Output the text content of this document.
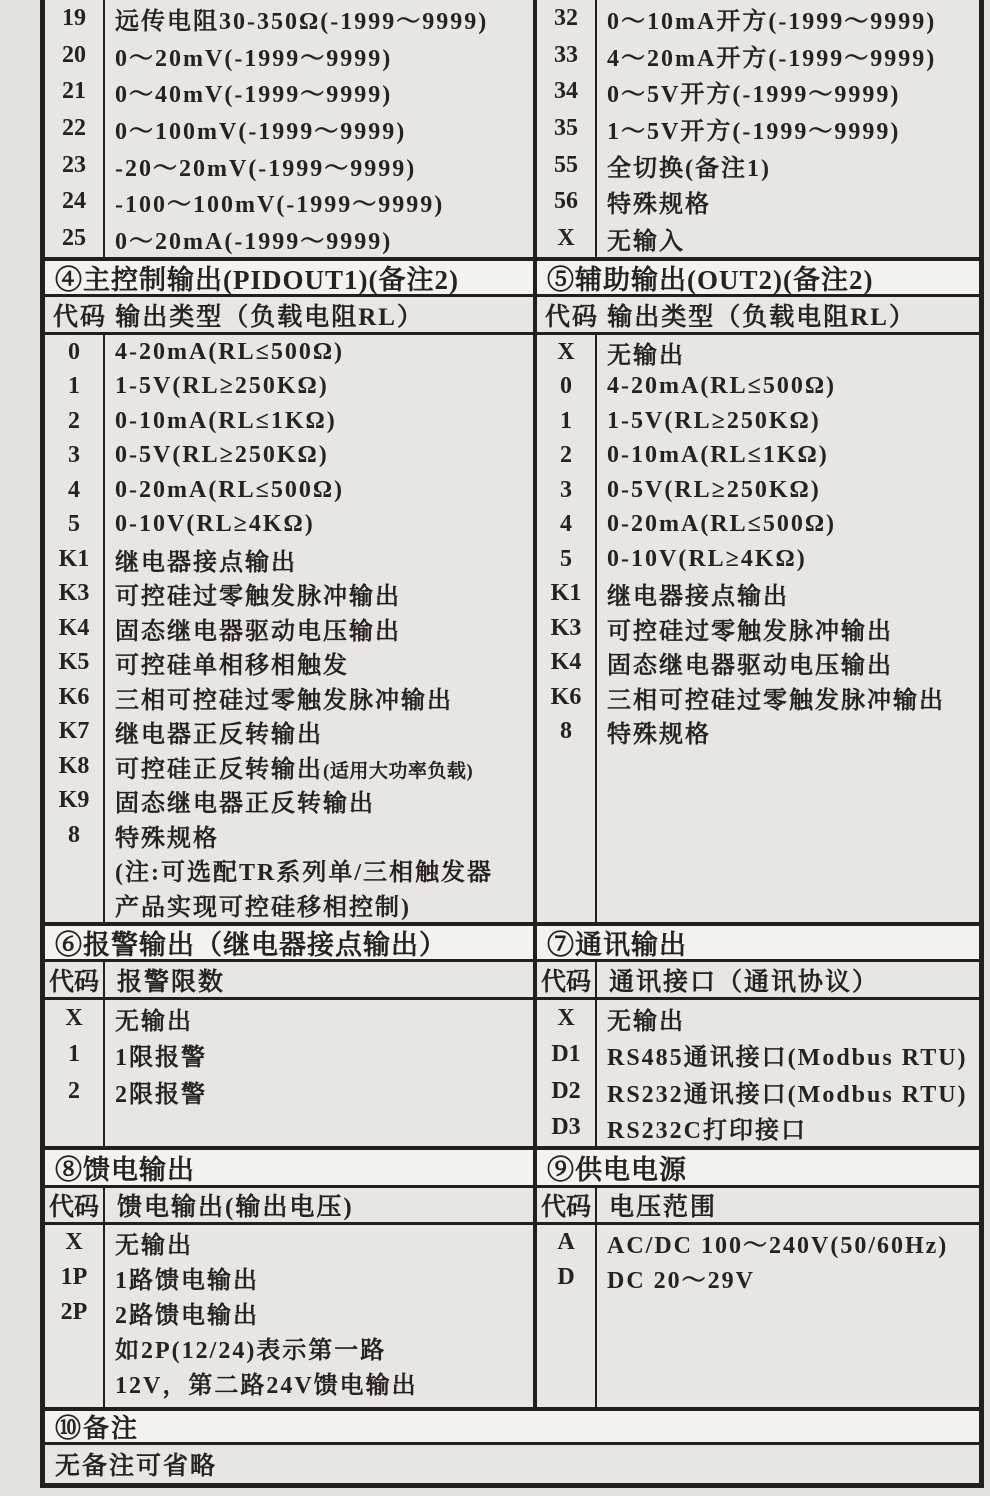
19	远传电阻30-350Ω(-1999～9999)
20	0～20mV(-1999～9999)
21	0～40mV(-1999～9999)
22	0～100mV(-1999～9999)
23	-20～20mV(-1999～9999)
24	-100～100mV(-1999～9999)
25	0～20mA(-1999～9999)
32	0～10mA开方(-1999～9999)
33	4～20mA开方(-1999～9999)
34	0～5V开方(-1999～9999)
35	1～5V开方(-1999～9999)
55	全切换(备注1)
56	特殊规格
X	无输入
④主控制输出(PIDOUT1)(备注2)	⑤辅助输出(OUT2)(备注2)
代码 输出类型（负载电阻RL）	代码 输出类型（负载电阻RL）
0	4-20mA(RL≤500Ω)
1	1-5V(RL≥250KΩ)
2	0-10mA(RL≤1KΩ)
3	0-5V(RL≥250KΩ)
4	0-20mA(RL≤500Ω)
5	0-10V(RL≥4KΩ)
K1	继电器接点输出
K3	可控硅过零触发脉冲输出
K4	固态继电器驱动电压输出
K5	可控硅单相移相触发
K6	三相可控硅过零触发脉冲输出
K7	继电器正反转输出
K8	可控硅正反转输出(适用大功率负载)
K9	固态继电器正反转输出
8	特殊规格
(注:可选配TR系列单/三相触发器
产品实现可控硅移相控制)
X	无输出
0	4-20mA(RL≤500Ω)
1	1-5V(RL≥250KΩ)
2	0-10mA(RL≤1KΩ)
3	0-5V(RL≥250KΩ)
4	0-20mA(RL≤500Ω)
5	0-10V(RL≥4KΩ)
K1	继电器接点输出
K3	可控硅过零触发脉冲输出
K4	固态继电器驱动电压输出
K6	三相可控硅过零触发脉冲输出
8	特殊规格
⑥报警输出（继电器接点输出）	⑦通讯输出
代码 报警限数	代码 通讯接口（通讯协议）
X	无输出
1	1限报警
2	2限报警
X	无输出
D1	RS485通讯接口(Modbus RTU)
D2	RS232通讯接口(Modbus RTU)
D3	RS232C打印接口
⑧馈电输出	⑨供电电源
代码 馈电输出(输出电压)	代码 电压范围
X	无输出
1P	1路馈电输出
2P	2路馈电输出
如2P(12/24)表示第一路
12V，第二路24V馈电输出
A	AC/DC 100～240V(50/60Hz)
D	DC 20～29V
⑩备注
无备注可省略
